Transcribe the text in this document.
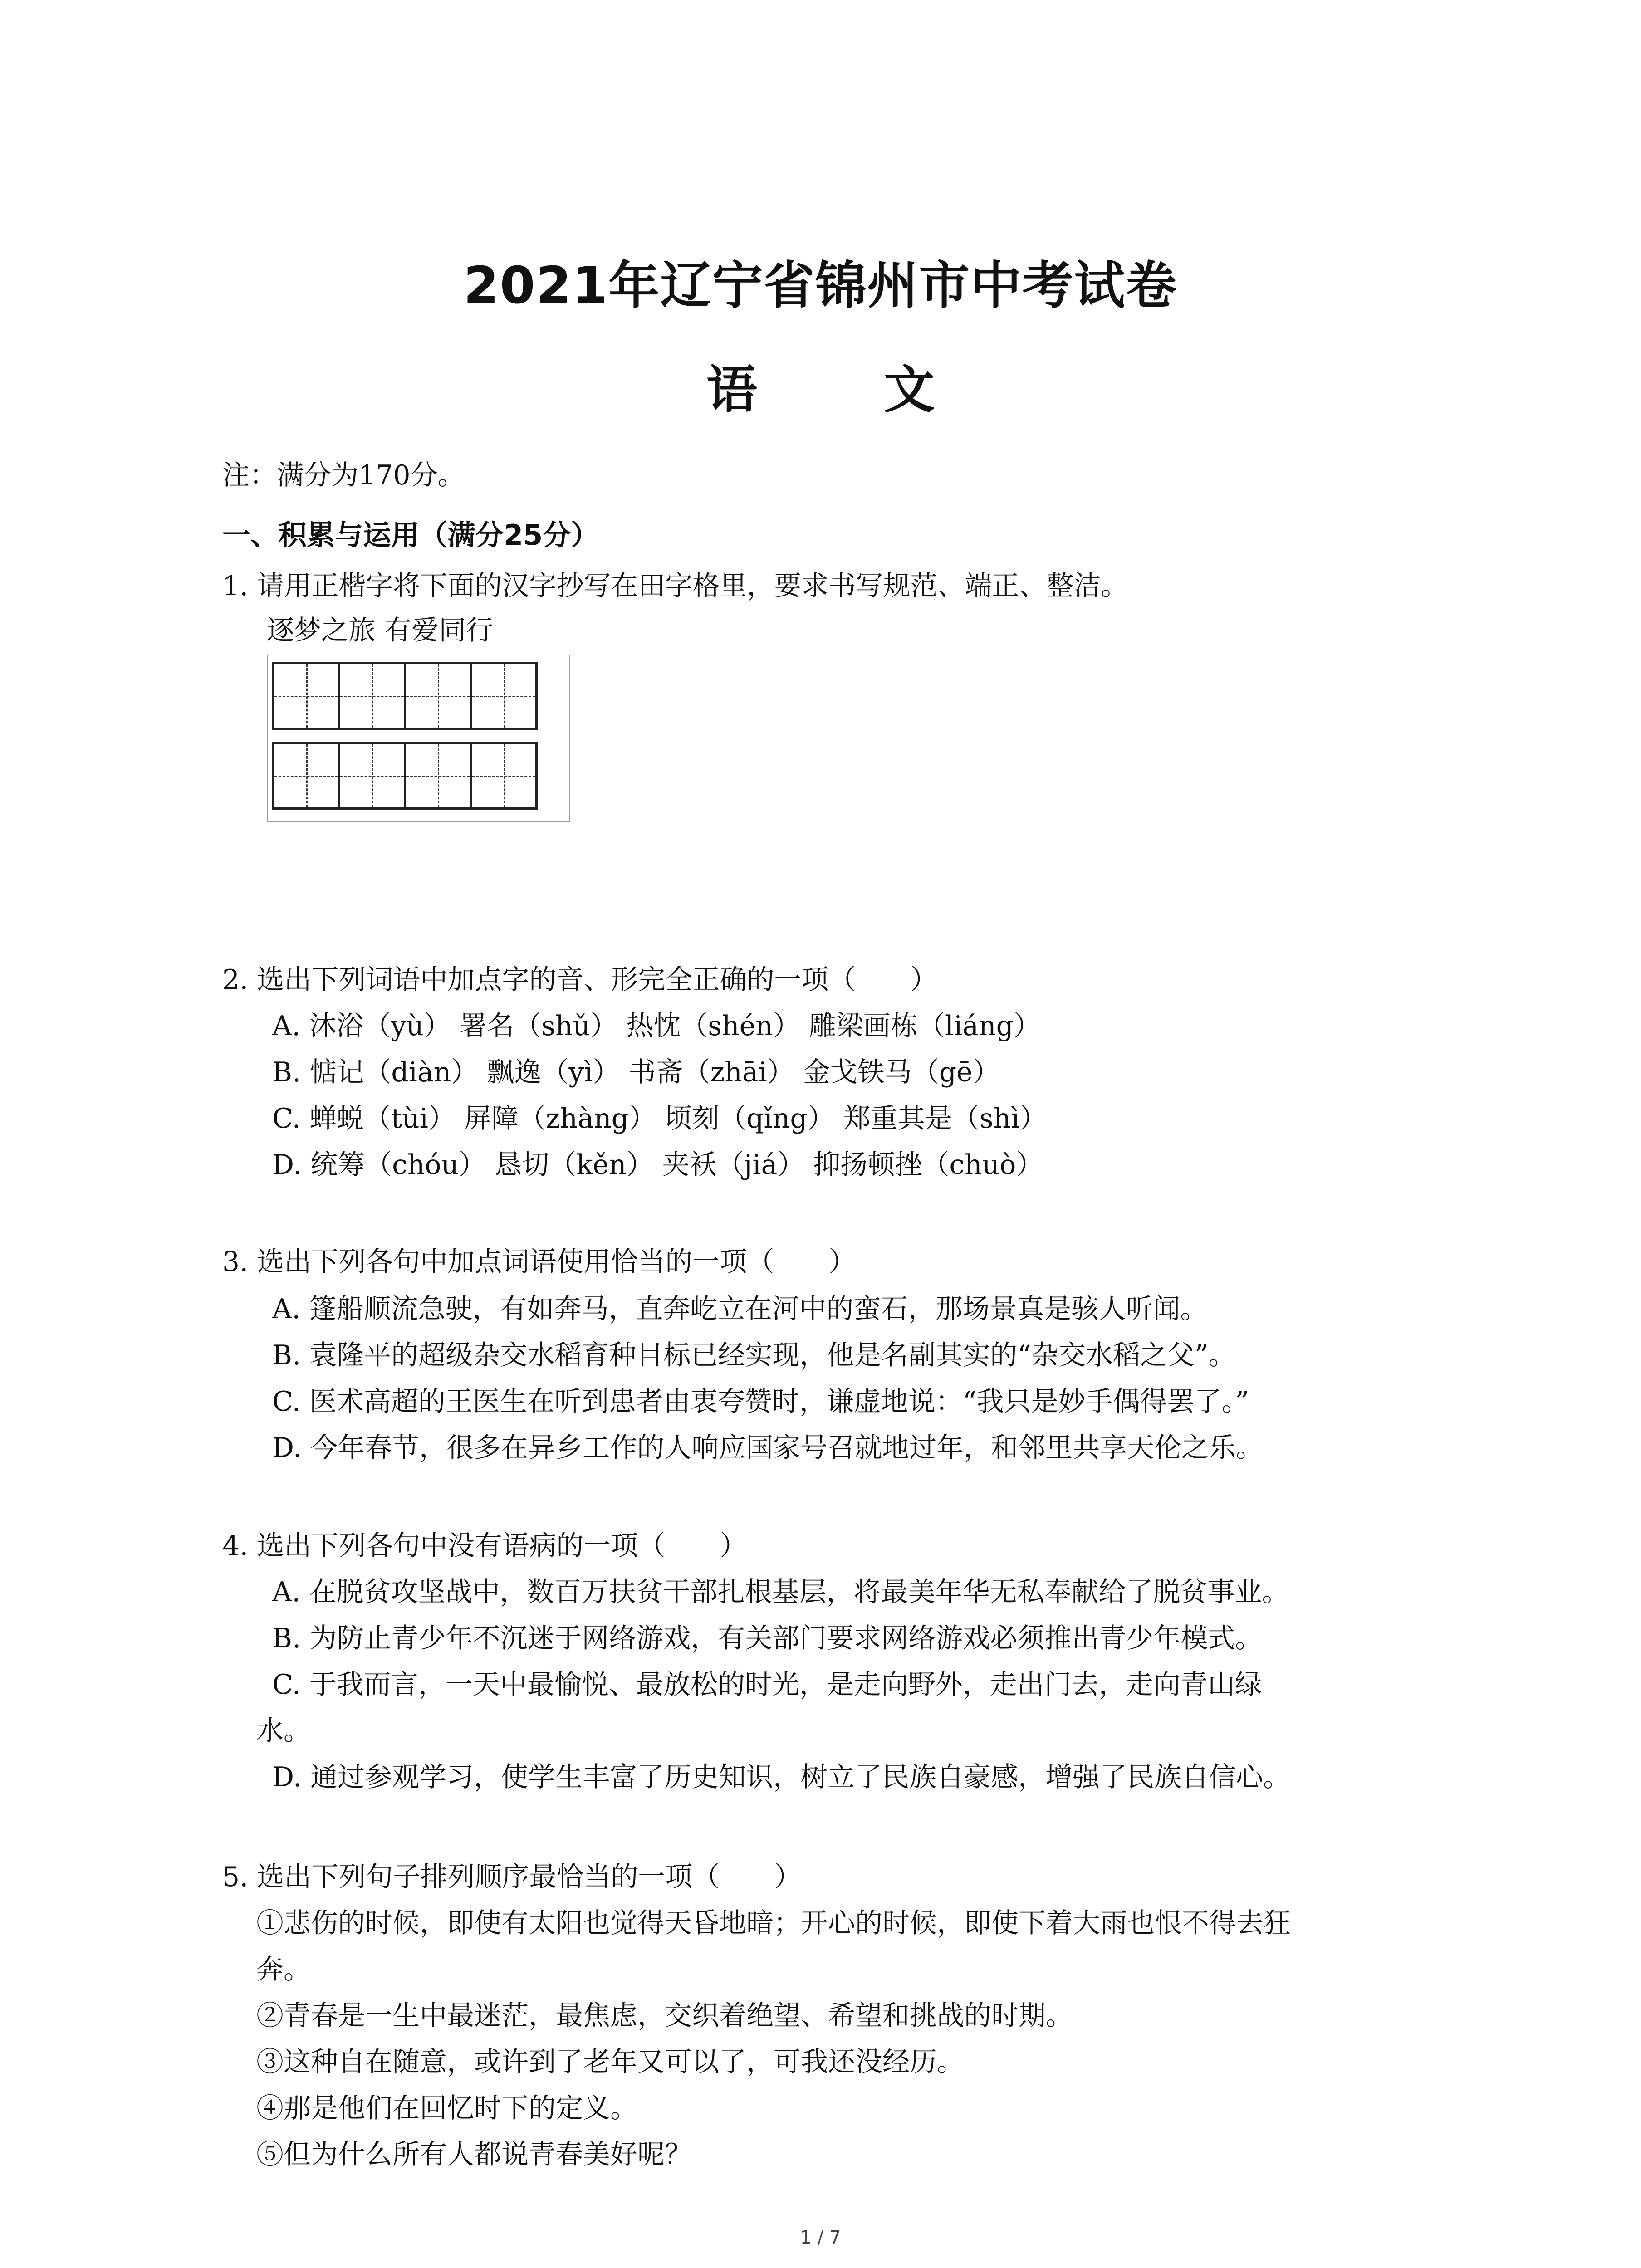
2021年辽宁省锦州市中考试卷
语 文
注：满分为170分。
一、积累与运用（满分25分）
1. 请用正楷字将下面的汉字抄写在田字格里，要求书写规范、端正、整洁。
逐梦之旅 有爱同行
2. 选出下列词语中加点字的音、形完全正确的一项（　　）
A. 沐浴（yù） 署名（shǔ） 热忱（shén） 雕梁画栋（liáng）
B. 惦记（diàn） 飘逸（yì） 书斋（zhāi） 金戈铁马（gē）
C. 蝉蜕（tùi） 屏障（zhàng） 顷刻（qǐng） 郑重其是（shì）
D. 统筹（chóu） 恳切（kěn） 夹袄（jiá） 抑扬顿挫（chuò）
3. 选出下列各句中加点词语使用恰当的一项（　　）
A. 篷船顺流急驶，有如奔马，直奔屹立在河中的蛮石，那场景真是骇人听闻。
B. 袁隆平的超级杂交水稻育种目标已经实现，他是名副其实的“杂交水稻之父”。
C. 医术高超的王医生在听到患者由衷夸赞时，谦虚地说：“我只是妙手偶得罢了。”
D. 今年春节，很多在异乡工作的人响应国家号召就地过年，和邻里共享天伦之乐。
4. 选出下列各句中没有语病的一项（　　）
A. 在脱贫攻坚战中，数百万扶贫干部扎根基层，将最美年华无私奉献给了脱贫事业。
B. 为防止青少年不沉迷于网络游戏，有关部门要求网络游戏必须推出青少年模式。
C. 于我而言，一天中最愉悦、最放松的时光，是走向野外，走出门去，走向青山绿
水。
D. 通过参观学习，使学生丰富了历史知识，树立了民族自豪感，增强了民族自信心。
5. 选出下列句子排列顺序最恰当的一项（　　）
①悲伤的时候，即使有太阳也觉得天昏地暗；开心的时候，即使下着大雨也恨不得去狂
奔。
②青春是一生中最迷茫，最焦虑，交织着绝望、希望和挑战的时期。
③这种自在随意，或许到了老年又可以了，可我还没经历。
④那是他们在回忆时下的定义。
⑤但为什么所有人都说青春美好呢？
1 / 7
